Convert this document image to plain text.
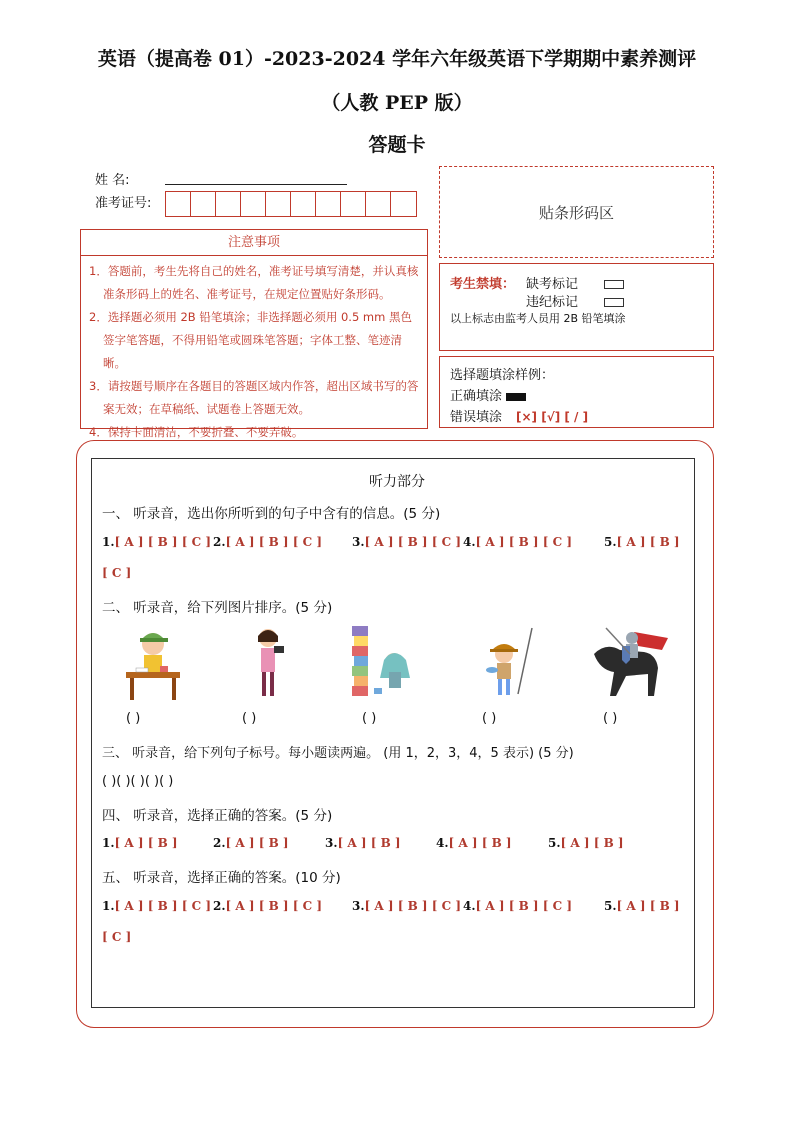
英语（提高卷 01）-2023-2024 学年六年级英语下学期期中素养测评
（人教 PEP 版）
答题卡
姓 名:
准考证号:	贴条形码区
注意事项
1．答题前，考生先将自己的姓名，准考证号填写清楚，并认真核准条形码上的姓名、准考证号，在规定位置贴好条形码。
2．选择题必须用 2B 铅笔填涂；非选择题必须用 0.5 mm 黑色签字笔答题，不得用铅笔或圆珠笔答题；字体工整、笔迹清晰。
3．请按题号顺序在各题目的答题区域内作答，超出区域书写的答案无效；在草稿纸、试题卷上答题无效。
4．保持卡面清洁，不要折叠、不要弄破。
考生禁填： 缺考标记
违纪标记
以上标志由监考人员用 2B 铅笔填涂
选择题填涂样例：
正确填涂
错误填涂 [×] [√] [ / ]
听力部分
一、 听录音，选出你所听到的句子中含有的信息。(5 分)
1.[ A ] [ B ] [ C ] 2.[ A ] [ B ] [ C ] 3.[ A ] [ B ] [ C ] 4.[ A ] [ B ] [ C ]	5.[ A ] [ B ]
[ C ]
二、 听录音，给下列图片排序。(5 分)
( )	( )	( )	( )	( )
三、 听录音，给下列句子标号。每小题读两遍。 (用 1，2，3，4，5 表示) (5 分)
( )( )( )( )( )
四、 听录音，选择正确的答案。(5 分)
1.[ A ] [ B ]	2.[ A ] [ B ]	3.[ A ] [ B ]	4.[ A ] [ B ]	5.[ A ] [ B ]
五、 听录音，选择正确的答案。(10 分)
1.[ A ] [ B ] [ C ] 2.[ A ] [ B ] [ C ] 3.[ A ] [ B ] [ C ] 4.[ A ] [ B ] [ C ]	5.[ A ] [ B ]
[ C ]
